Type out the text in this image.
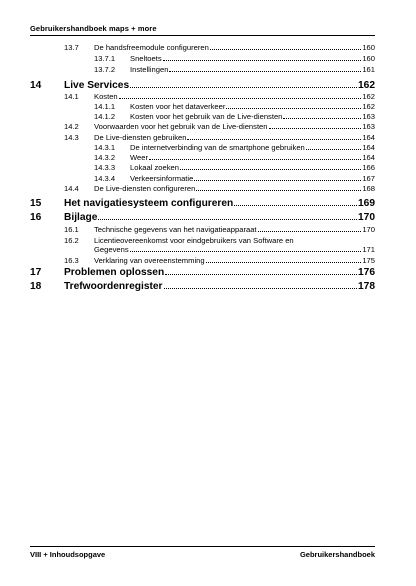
Gebruikershandboek maps + more
13.7	De handsfreemodule configureren	160
13.7.1	Sneltoets	160
13.7.2	Instellingen	161
14	Live Services	162
14.1	Kosten	162
14.1.1	Kosten voor het dataverkeer	162
14.1.2	Kosten voor het gebruik van de Live-diensten	163
14.2	Voorwaarden voor het gebruik van de Live-diensten	163
14.3	De Live-diensten gebruiken	164
14.3.1	De internetverbinding van de smartphone gebruiken	164
14.3.2	Weer	164
14.3.3	Lokaal zoeken	166
14.3.4	Verkeersinformatie	167
14.4	De Live-diensten configureren	168
15	Het navigatiesysteem configureren	169
16	Bijlage	170
16.1	Technische gegevens van het navigatieapparaat	170
16.2	Licentieovereenkomst voor eindgebruikers van Software en
Gegevens	171
16.3	Verklaring van overeenstemming	175
17	Problemen oplossen	176
18	Trefwoordenregister	178
VIII + Inhoudsopgave	Gebruikershandboek
